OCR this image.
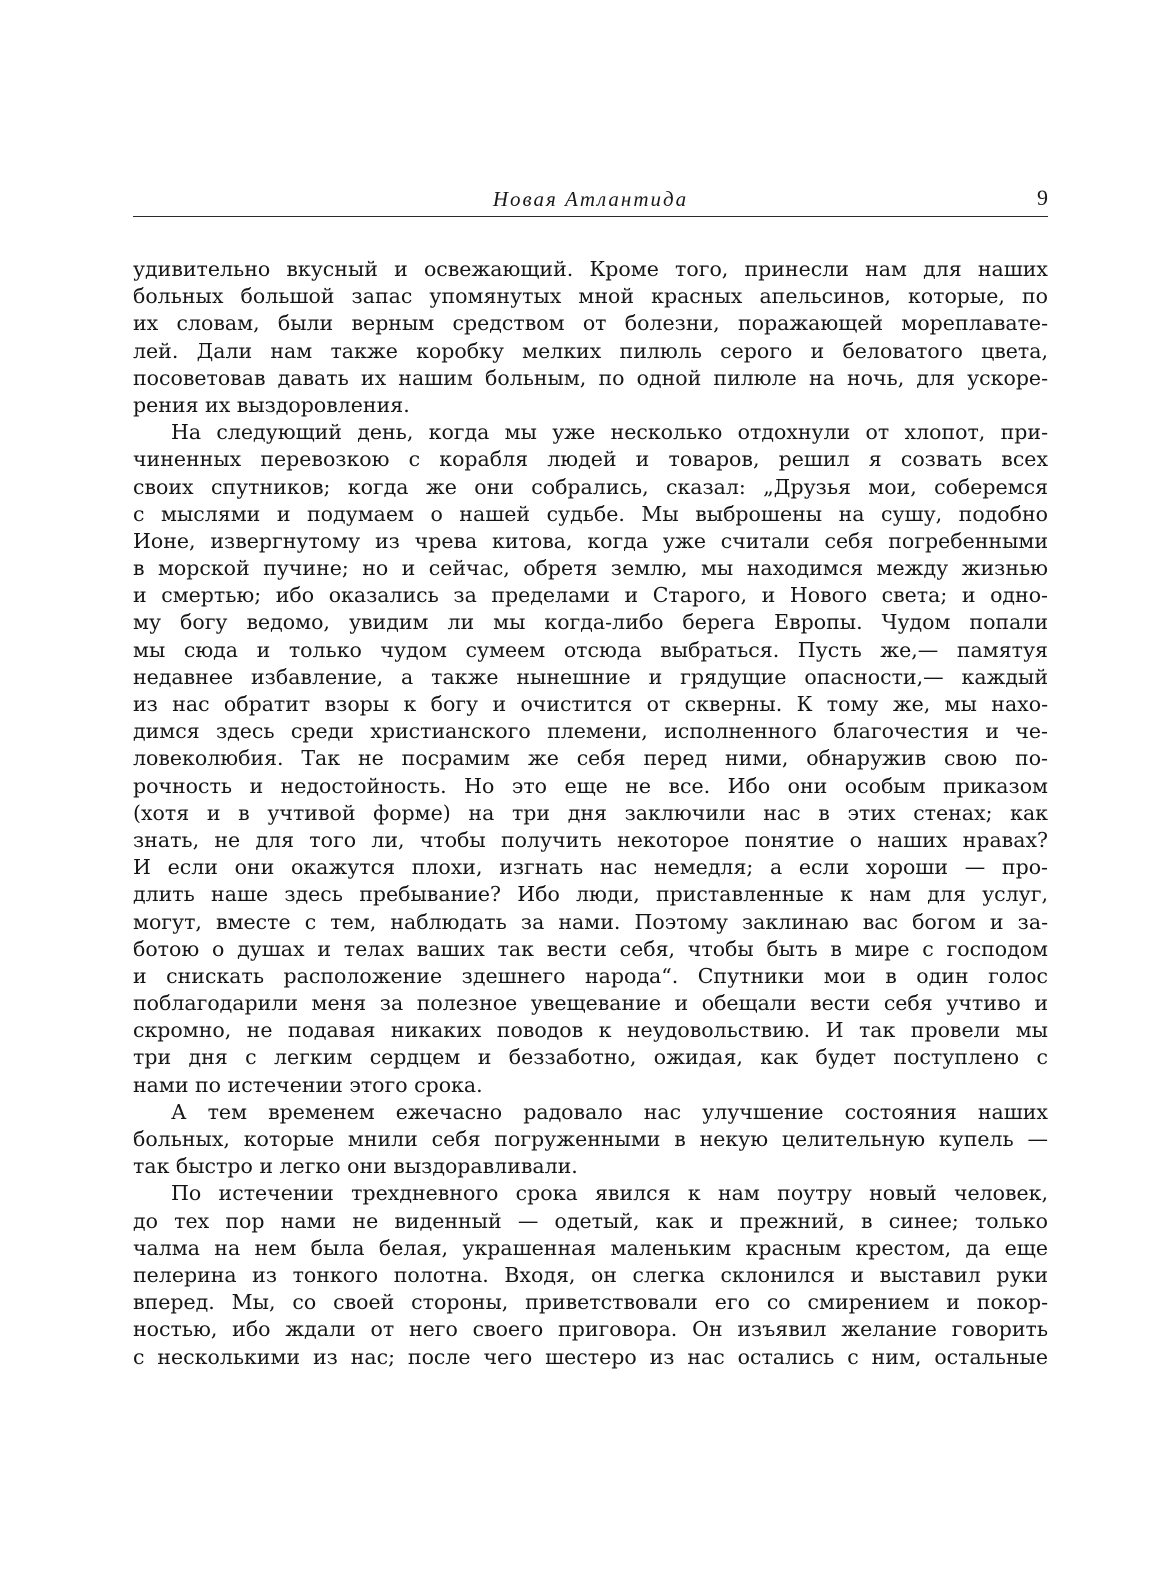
Новая Атлантида	9
удивительно вкусный и освежающий. Кроме того, принесли нам для наших
больных большой запас упомянутых мной красных апельсинов, которые, по
их словам, были верным средством от болезни, поражающей мореплавате-
лей. Дали нам также коробку мелких пилюль серого и беловатого цвета,
посоветовав давать их нашим больным, по одной пилюле на ночь, для ускоре-
рения их выздоровления.
На следующий день, когда мы уже несколько отдохнули от хлопот, при-
чиненных перевозкою с корабля людей и товаров, решил я созвать всех
своих спутников; когда же они собрались, сказал: „Друзья мои, соберемся
с мыслями и подумаем о нашей судьбе. Мы выброшены на сушу, подобно
Ионе, извергнутому из чрева китова, когда уже считали себя погребенными
в морской пучине; но и сейчас, обретя землю, мы находимся между жизнью
и смертью; ибо оказались за пределами и Старого, и Нового света; и одно-
му богу ведомо, увидим ли мы когда-либо берега Европы. Чудом попали
мы сюда и только чудом сумеем отсюда выбраться. Пусть же,— памятуя
недавнее избавление, а также нынешние и грядущие опасности,— каждый
из нас обратит взоры к богу и очистится от скверны. К тому же, мы нахо-
димся здесь среди христианского племени, исполненного благочестия и че-
ловеколюбия. Так не посрамим же себя перед ними, обнаружив свою по-
рочность и недостойность. Но это еще не все. Ибо они особым приказом
(хотя и в учтивой форме) на три дня заключили нас в этих стенах; как
знать, не для того ли, чтобы получить некоторое понятие о наших нравах?
И если они окажутся плохи, изгнать нас немедля; а если хороши — про-
длить наше здесь пребывание? Ибо люди, приставленные к нам для услуг,
могут, вместе с тем, наблюдать за нами. Поэтому заклинаю вас богом и за-
ботою о душах и телах ваших так вести себя, чтобы быть в мире с господом
и снискать расположение здешнего народа“. Спутники мои в один голос
поблагодарили меня за полезное увещевание и обещали вести себя учтиво и
скромно, не подавая никаких поводов к неудовольствию. И так провели мы
три дня с легким сердцем и беззаботно, ожидая, как будет поступлено с
нами по истечении этого срока.
А тем временем ежечасно радовало нас улучшение состояния наших
больных, которые мнили себя погруженными в некую целительную купель —
так быстро и легко они выздоравливали.
По истечении трехдневного срока явился к нам поутру новый человек,
до тех пор нами не виденный — одетый, как и прежний, в синее; только
чалма на нем была белая, украшенная маленьким красным крестом, да еще
пелерина из тонкого полотна. Входя, он слегка склонился и выставил руки
вперед. Мы, со своей стороны, приветствовали его со смирением и покор-
ностью, ибо ждали от него своего приговора. Он изъявил желание говорить
с несколькими из нас; после чего шестеро из нас остались с ним, остальные
